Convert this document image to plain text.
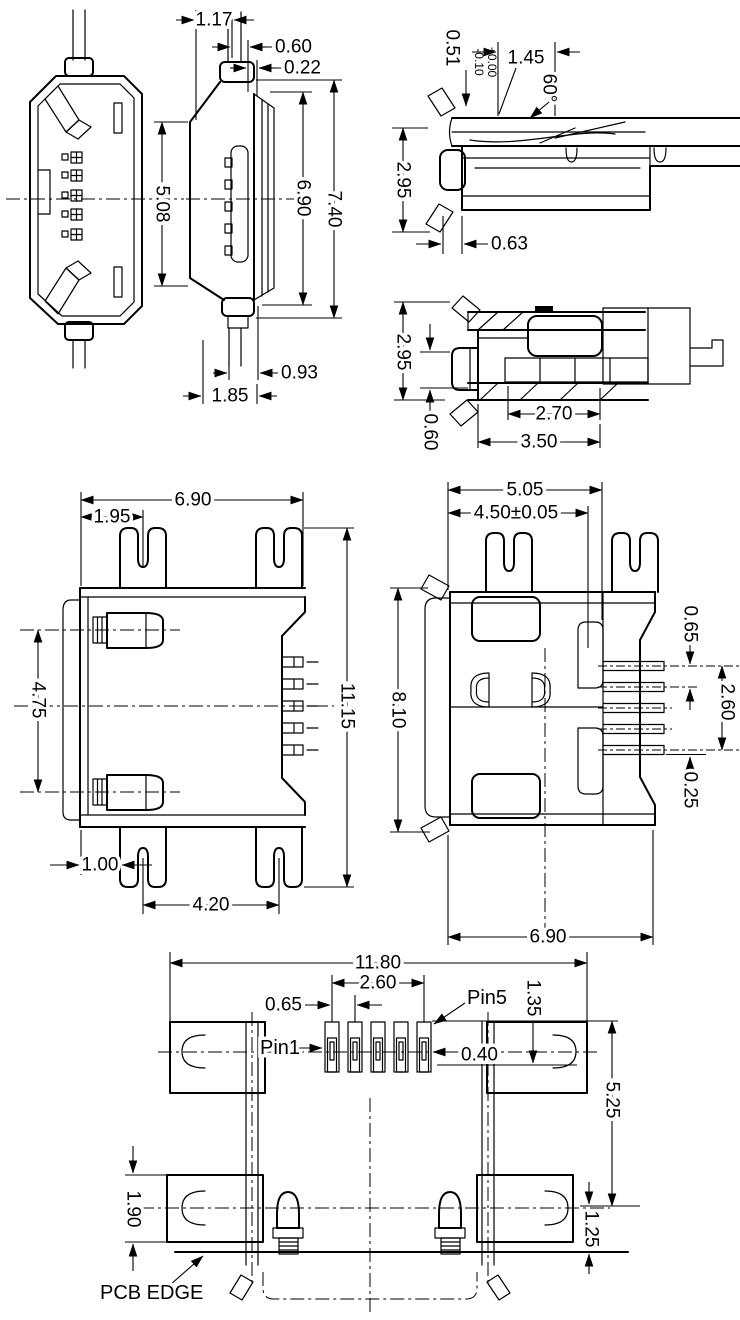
1.17
0.60
0.22
5.08	6.90 7.40
0.93
1.85
0.51 -0.10 +0.00 1.45
60°
2.95
0.63
2.95
0.60	2.70
3.50
6.90
1.95
11.15
4.75
1.00
4.20
5.05
4.50±0.05
8.10
0.65
2.60
0.25
6.90
11.80
2.60
0.65	Pin5
Pin1	0.40
1.35
5.25
1.25
1.90
PCB EDGE
